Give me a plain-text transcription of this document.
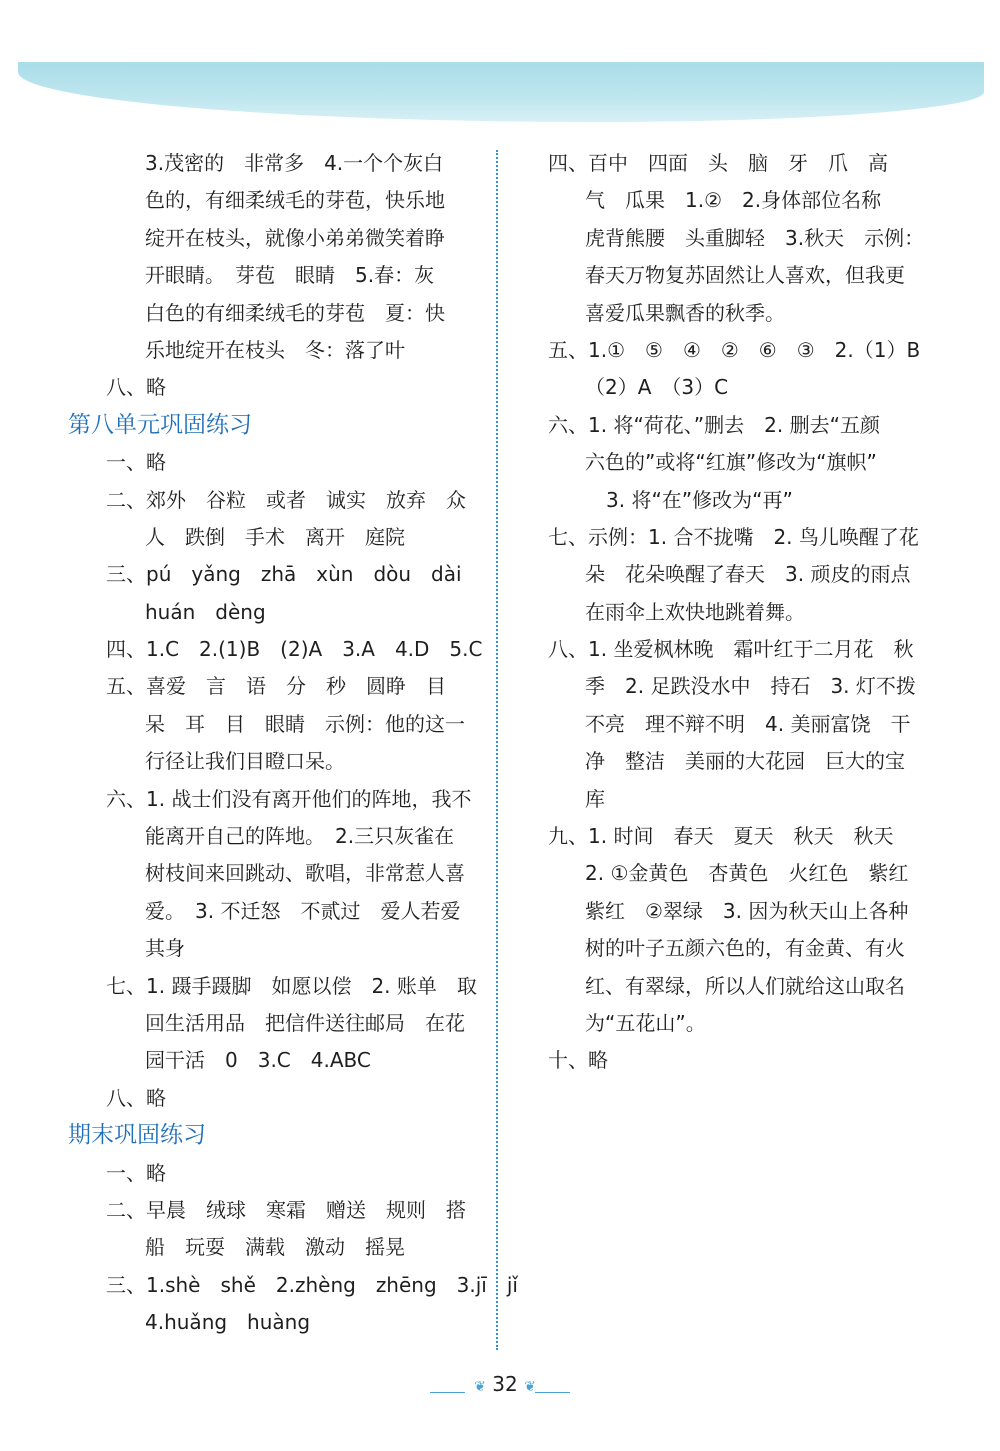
3.茂密的　非常多　4.一个个灰白
色的，有细柔绒毛的芽苞，快乐地
绽开在枝头，就像小弟弟微笑着睁
开眼睛。　芽苞　眼睛　5.春：灰
白色的有细柔绒毛的芽苞　夏：快
乐地绽开在枝头　冬：落了叶
八、略
第八单元巩固练习
一、略
二、郊外　谷粒　或者　诚实　放弃　众
人　跌倒　手术　离开　庭院
三、pú　yǎng　zhā　xùn　dòu　dài
huán　dèng
四、1.C　2.(1)B　(2)A　3.A　4.D　5.C
五、喜爱　言　语　分　秒　圆睁　目
呆　耳　目　眼睛　示例：他的这一
行径让我们目瞪口呆。
六、1. 战士们没有离开他们的阵地，我不
能离开自己的阵地。　2.三只灰雀在
树枝间来回跳动、歌唱，非常惹人喜
爱。　3. 不迁怒　不贰过　爱人若爱
其身
七、1. 蹑手蹑脚　如愿以偿　2. 账单　取
回生活用品　把信件送往邮局　在花
园干活　0　3.C　4.ABC
八、略
期末巩固练习
一、略
二、早晨　绒球　寒霜　赠送　规则　搭
船　玩耍　满载　激动　摇晃
三、1.shè　shě　2.zhèng　zhēng　3.jī　jǐ
4.huǎng　huàng
四、百中　四面　头　脑　牙　爪　高
气　瓜果　1.②　2.身体部位名称
虎背熊腰　头重脚轻　3.秋天　示例：
春天万物复苏固然让人喜欢，但我更
喜爱瓜果飘香的秋季。
五、1.①　⑤　④　②　⑥　③　2.（1）B
（2）A　（3）C
六、1. 将“荷花、”删去　2. 删去“五颜
六色的”或将“红旗”修改为“旗帜”
3. 将“在”修改为“再”
七、示例：1. 合不拢嘴　2. 鸟儿唤醒了花
朵　花朵唤醒了春天　3. 顽皮的雨点
在雨伞上欢快地跳着舞。
八、1. 坐爱枫林晚　霜叶红于二月花　秋
季　2. 足跌没水中　持石　3. 灯不拨
不亮　理不辩不明　4. 美丽富饶　干
净　整洁　美丽的大花园　巨大的宝
库
九、1. 时间　春天　夏天　秋天　秋天
2. ①金黄色　杏黄色　火红色　紫红
紫红　②翠绿　3. 因为秋天山上各种
树的叶子五颜六色的，有金黄、有火
红、有翠绿，所以人们就给这山取名
为“五花山”。
十、略
❦ 32 ❦
